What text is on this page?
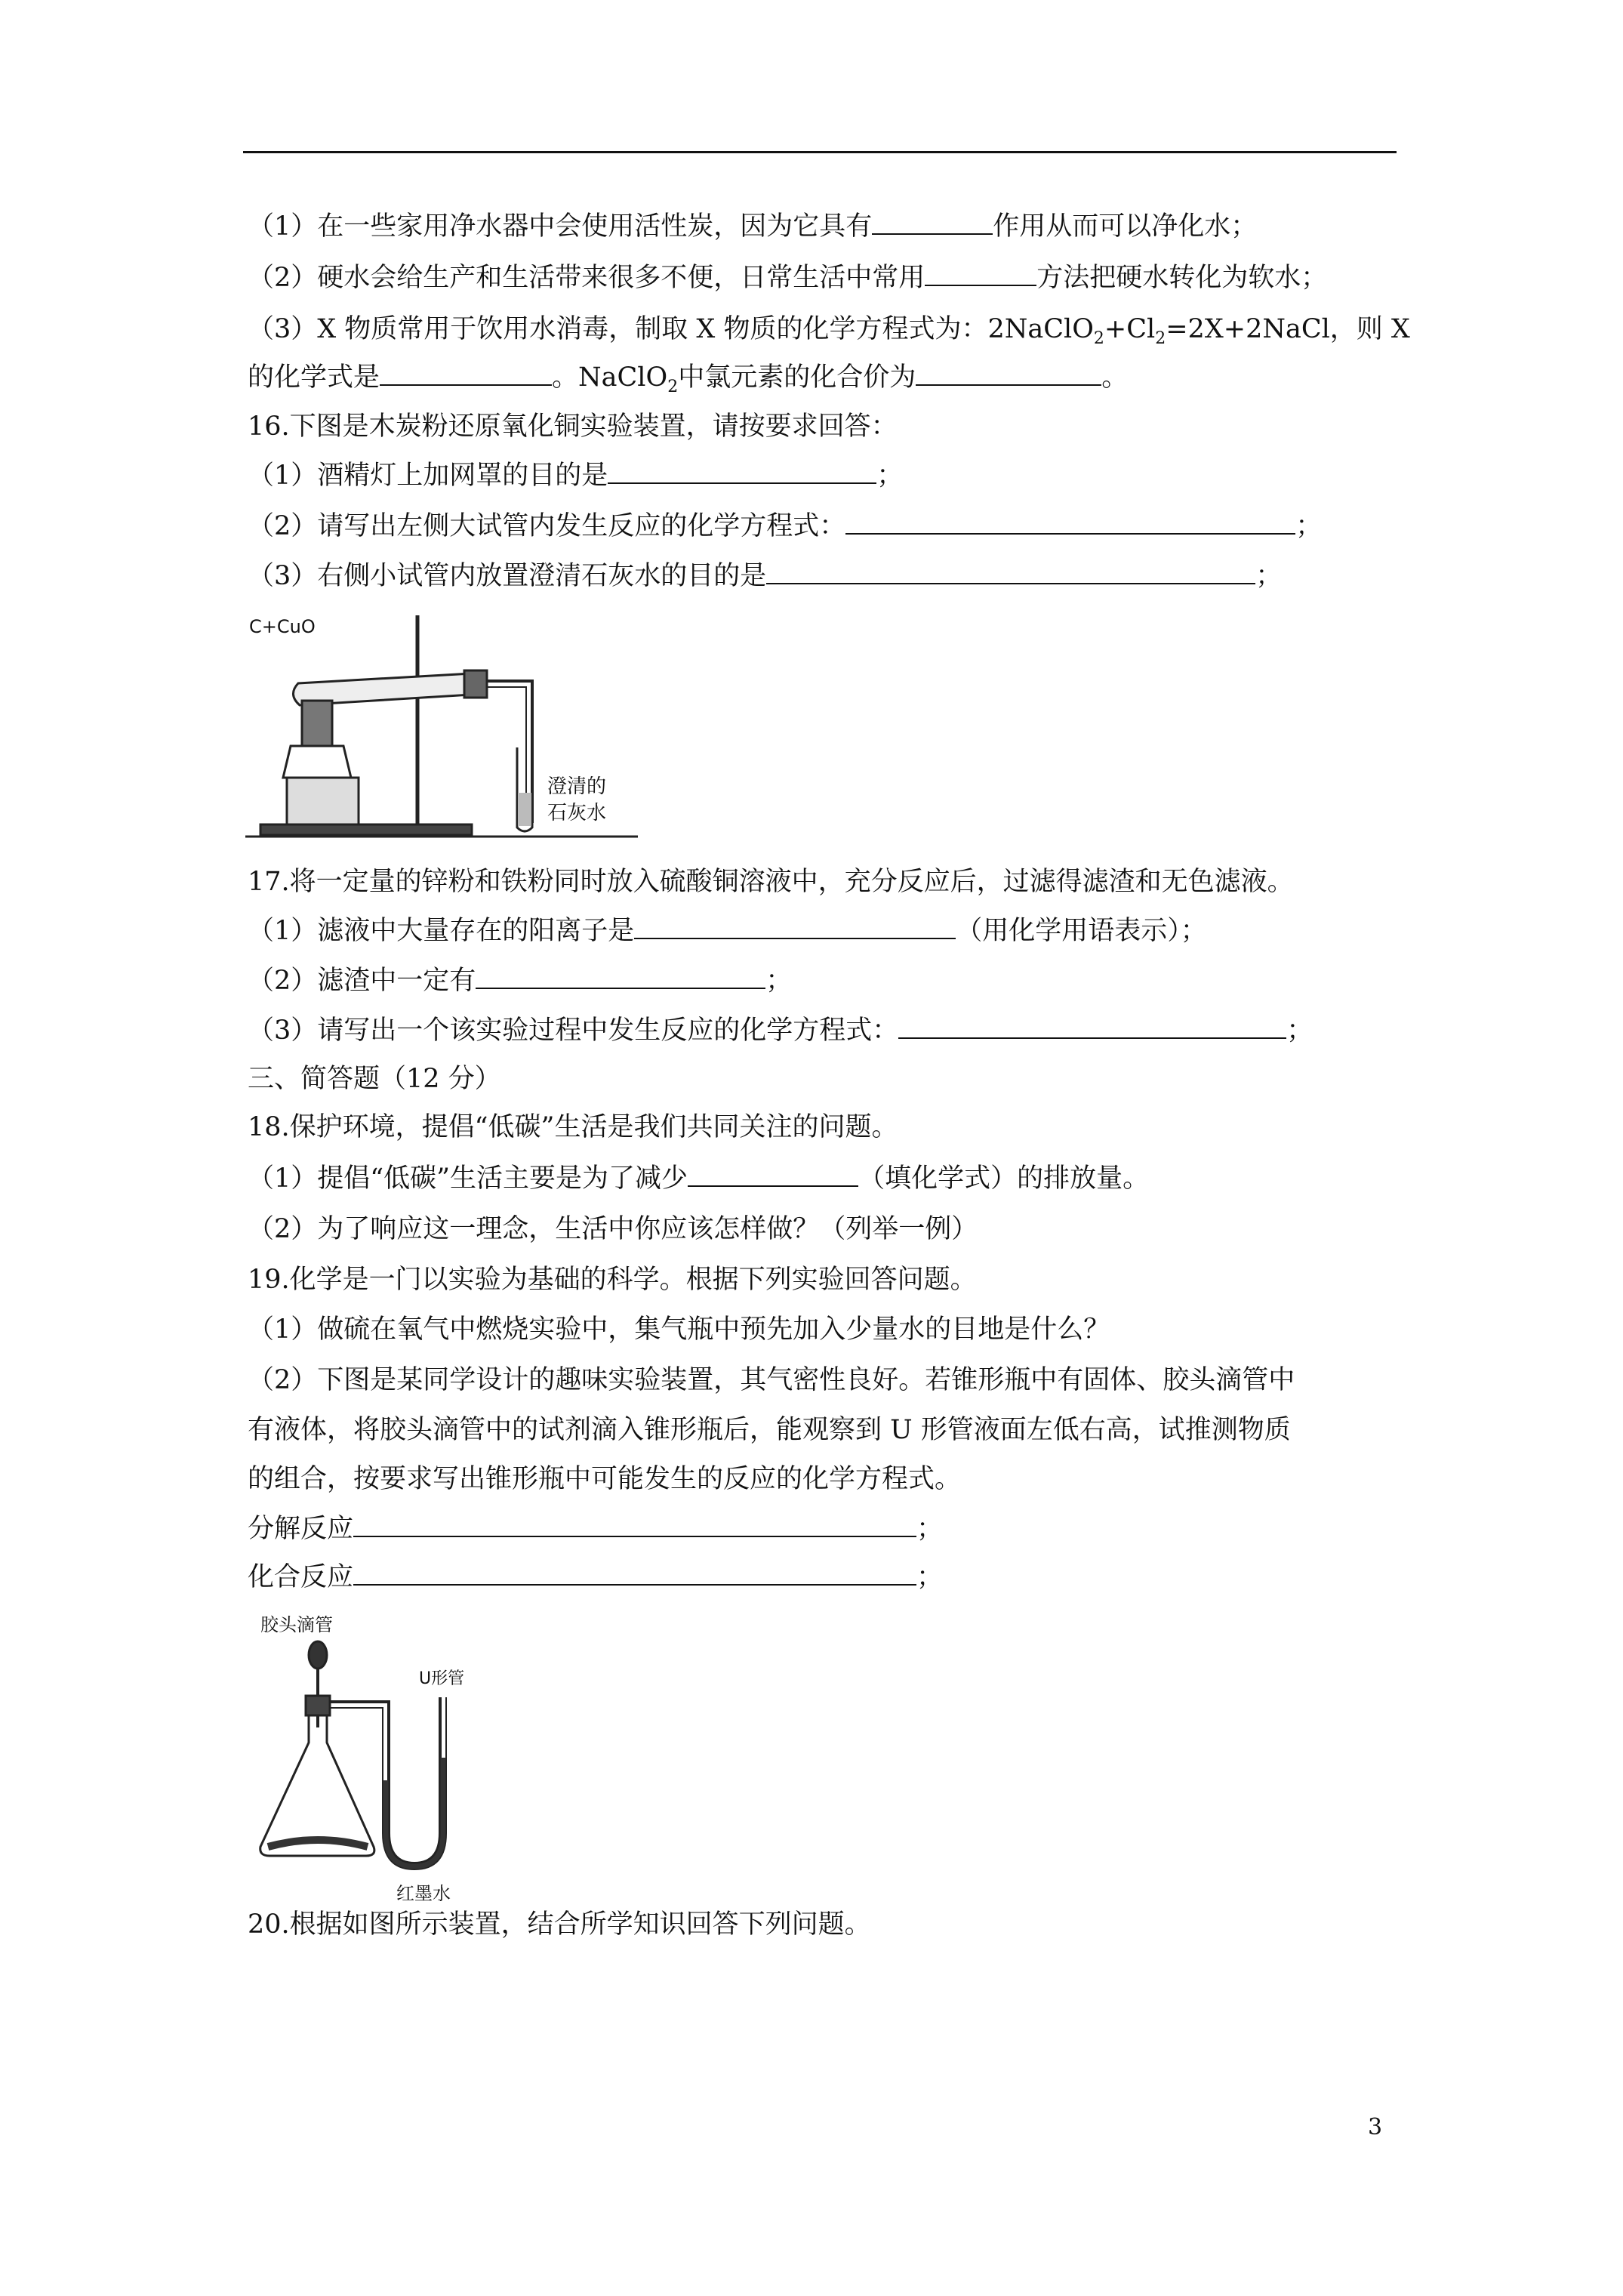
（1）在一些家用净水器中会使用活性炭，因为它具有	作用从而可以净化水；
（2）硬水会给生产和生活带来很多不便，日常生活中常用	方法把硬水转化为软水；
（3）X 物质常用于饮用水消毒，制取 X 物质的化学方程式为：$2NaClO_2+Cl_2=2X+2NaCl$，则 X
的化学式是	。NaClO$_2$中氯元素的化合价为	。
16.下图是木炭粉还原氧化铜实验装置，请按要求回答：
（1）酒精灯上加网罩的目的是	；
（2）请写出左侧大试管内发生反应的化学方程式：	；
（3）右侧小试管内放置澄清石灰水的目的是	；
C+CuO
澄清的
石灰水
17.将一定量的锌粉和铁粉同时放入硫酸铜溶液中，充分反应后，过滤得滤渣和无色滤液。
（1）滤液中大量存在的阳离子是	（用化学用语表示）；
（2）滤渣中一定有	；
（3）请写出一个该实验过程中发生反应的化学方程式：	；
三、简答题（12 分）
18.保护环境，提倡“低碳”生活是我们共同关注的问题。
（1）提倡“低碳”生活主要是为了减少	（填化学式）的排放量。
（2）为了响应这一理念，生活中你应该怎样做？（列举一例）
19.化学是一门以实验为基础的科学。根据下列实验回答问题。
（1）做硫在氧气中燃烧实验中，集气瓶中预先加入少量水的目地是什么？
（2）下图是某同学设计的趣味实验装置，其气密性良好。若锥形瓶中有固体、胶头滴管中
有液体，将胶头滴管中的试剂滴入锥形瓶后，能观察到 U 形管液面左低右高，试推测物质
的组合，按要求写出锥形瓶中可能发生的反应的化学方程式。
分解反应	；
化合反应	；
胶头滴管
U形管
红墨水
20.根据如图所示装置，结合所学知识回答下列问题。
3
